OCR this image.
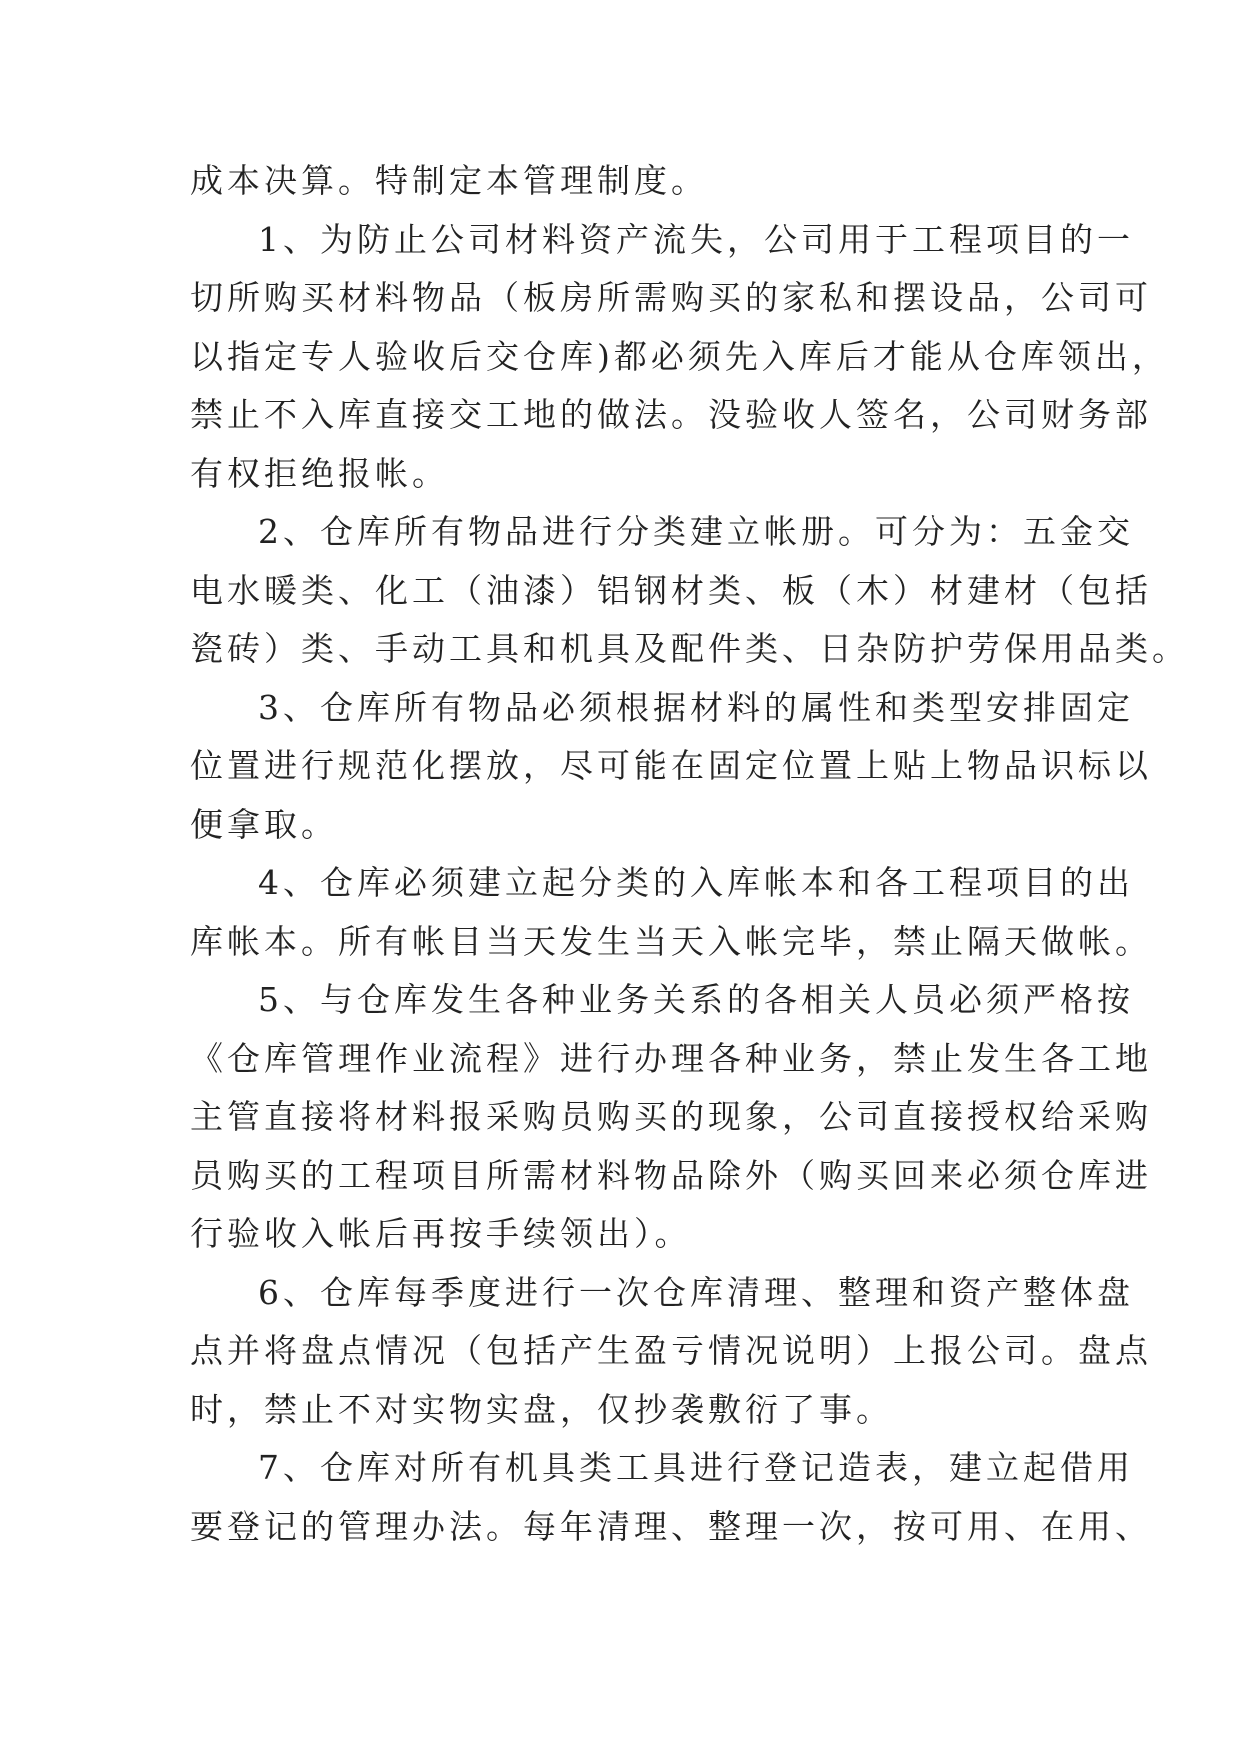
成本决算。特制定本管理制度。
1、为防止公司材料资产流失，公司用于工程项目的一
切所购买材料物品（板房所需购买的家私和摆设品，公司可
以指定专人验收后交仓库)都必须先入库后才能从仓库领出，
禁止不入库直接交工地的做法。没验收人签名，公司财务部
有权拒绝报帐。
2、仓库所有物品进行分类建立帐册。可分为：五金交
电水暖类、化工（油漆）铝钢材类、板（木）材建材（包括
瓷砖）类、手动工具和机具及配件类、日杂防护劳保用品类。
3、仓库所有物品必须根据材料的属性和类型安排固定
位置进行规范化摆放，尽可能在固定位置上贴上物品识标以
便拿取。
4、仓库必须建立起分类的入库帐本和各工程项目的出
库帐本。所有帐目当天发生当天入帐完毕，禁止隔天做帐。
5、与仓库发生各种业务关系的各相关人员必须严格按
《仓库管理作业流程》进行办理各种业务，禁止发生各工地
主管直接将材料报采购员购买的现象，公司直接授权给采购
员购买的工程项目所需材料物品除外（购买回来必须仓库进
行验收入帐后再按手续领出）。
6、仓库每季度进行一次仓库清理、整理和资产整体盘
点并将盘点情况（包括产生盈亏情况说明）上报公司。盘点
时，禁止不对实物实盘，仅抄袭敷衍了事。
7、仓库对所有机具类工具进行登记造表，建立起借用
要登记的管理办法。每年清理、整理一次，按可用、在用、
